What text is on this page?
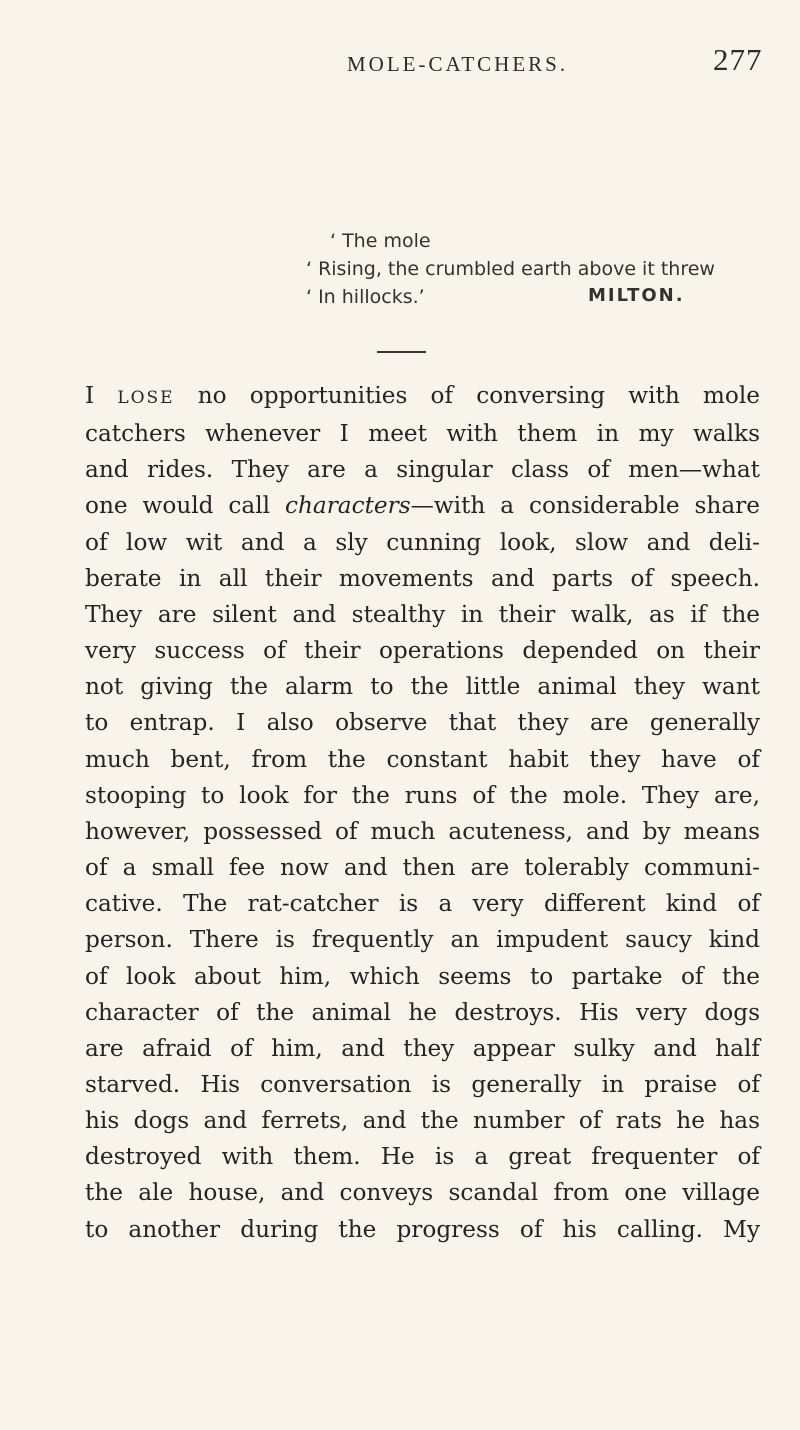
MOLE-CATCHERS.	277
‘ The mole
‘ Rising, the crumbled earth above it threw
‘ In hillocks.’	MILTON.
I LOSE no opportunities of conversing with mole
catchers whenever I meet with them in my walks
and rides. They are a singular class of men—what
one would call characters—with a considerable share
of low wit and a sly cunning look, slow and deli-
berate in all their movements and parts of speech.
They are silent and stealthy in their walk, as if the
very success of their operations depended on their
not giving the alarm to the little animal they want
to entrap. I also observe that they are generally
much bent, from the constant habit they have of
stooping to look for the runs of the mole. They are,
however, possessed of much acuteness, and by means
of a small fee now and then are tolerably communi-
cative. The rat-catcher is a very different kind of
person. There is frequently an impudent saucy kind
of look about him, which seems to partake of the
character of the animal he destroys. His very dogs
are afraid of him, and they appear sulky and half
starved. His conversation is generally in praise of
his dogs and ferrets, and the number of rats he has
destroyed with them. He is a great frequenter of
the ale house, and conveys scandal from one village
to another during the progress of his calling. My
